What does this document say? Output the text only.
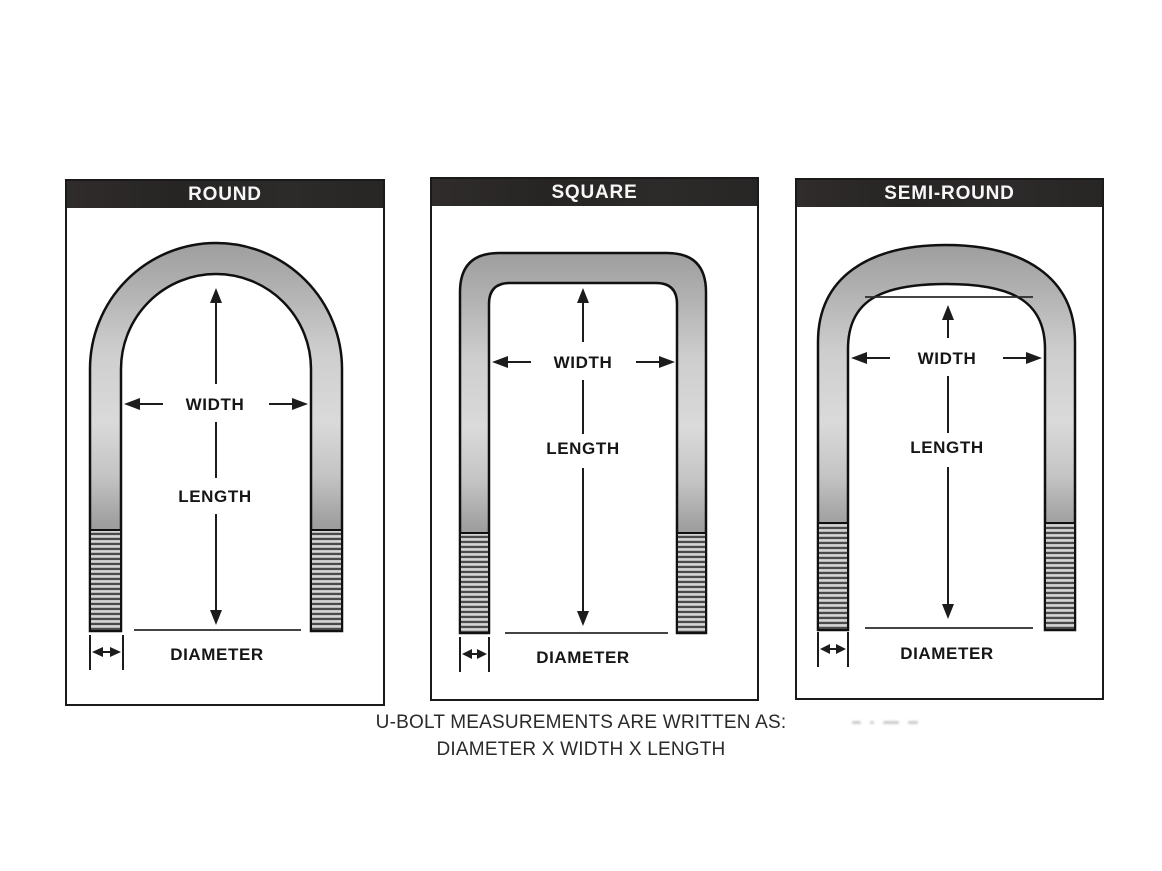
ROUND
WIDTH
LENGTH
DIAMETER
SQUARE
WIDTH
LENGTH
DIAMETER
SEMI-ROUND
WIDTH
LENGTH
DIAMETER
U-BOLT MEASUREMENTS ARE WRITTEN AS:
DIAMETER X WIDTH X LENGTH
